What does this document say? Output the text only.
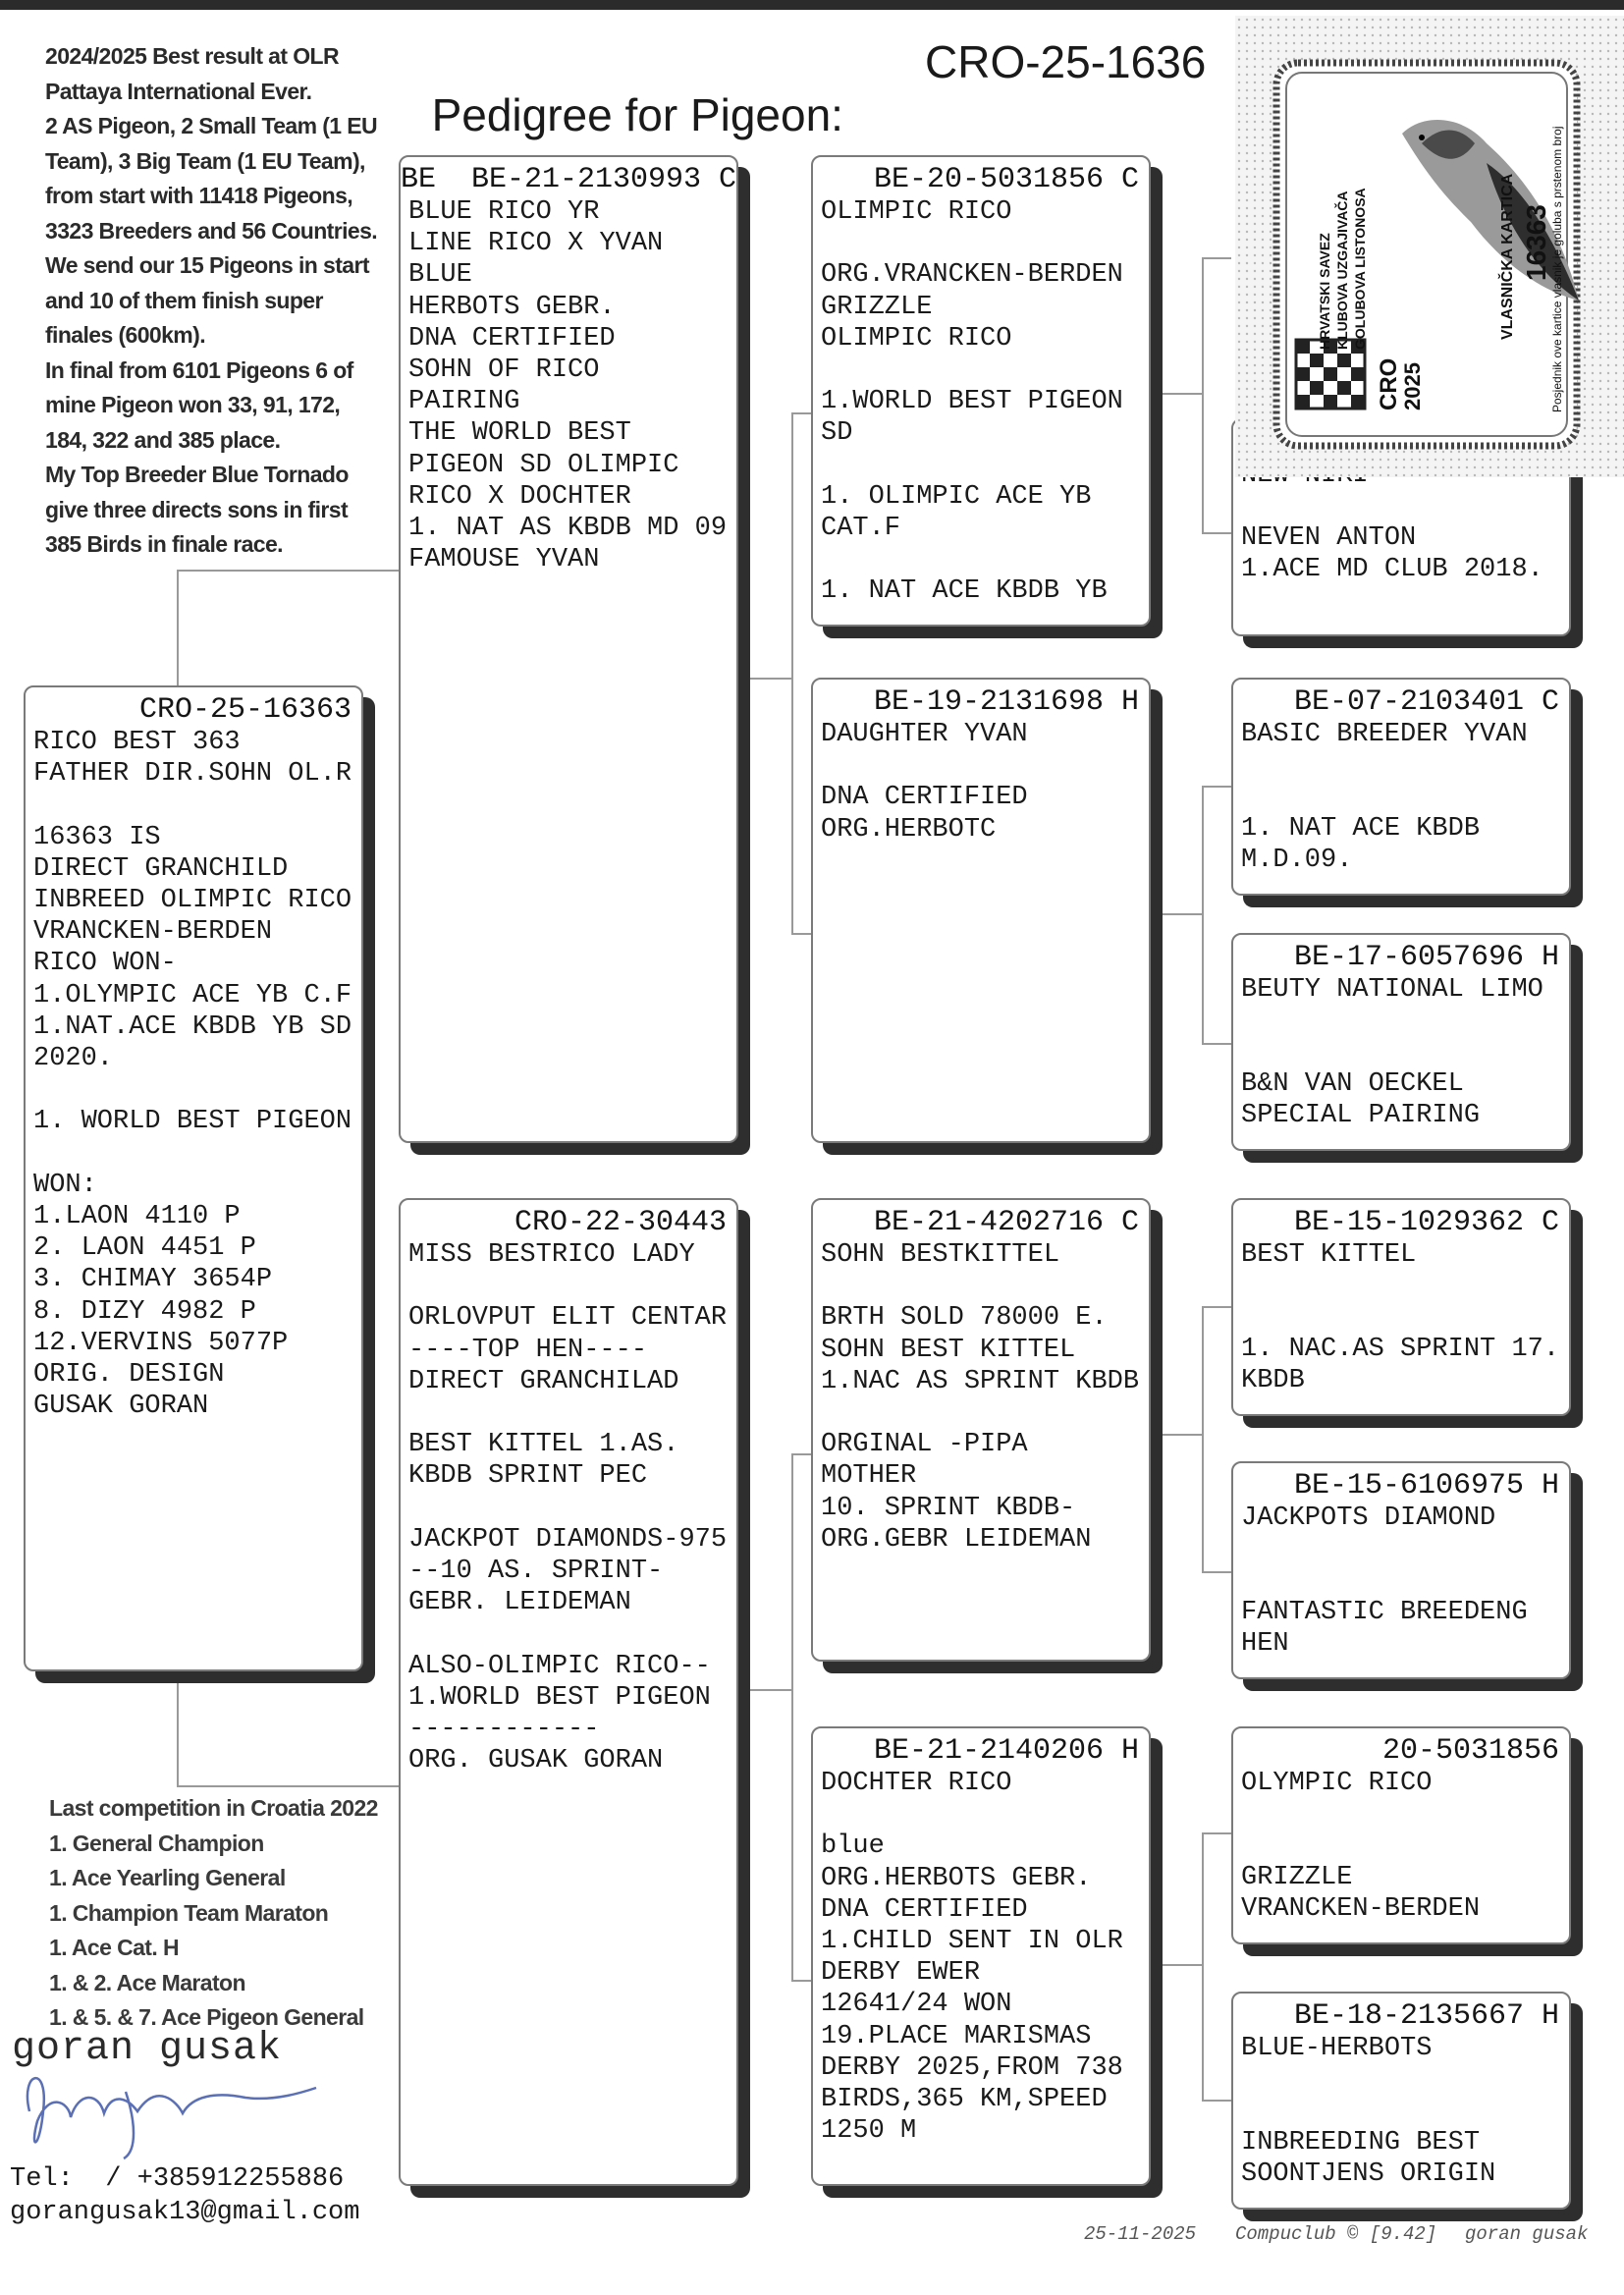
Pedigree for Pigeon:

CRO-25-1636

2024/2025 Best result at OLR
Pattaya International Ever.
2 AS Pigeon, 2 Small Team (1 EU
Team), 3 Big Team (1 EU Team),
from start with 11418 Pigeons,
3323 Breeders and 56 Countries.
We send our 15 Pigeons in start
and 10 of them finish super
finales (600km).
In final from 6101 Pigeons 6 of
mine Pigeon won 33, 91, 172,
184, 322 and 385 place.
My Top Breeder Blue Tornado
give three directs sons in first
385 Birds in finale race.
CRO-25-16363
RICO BEST 363
FATHER DIR.SOHN OL.R
16363 IS
DIRECT GRANCHILD
INBREED OLIMPIC RICO
VRANCKEN-BERDEN
RICO WON-
1.OLYMPIC ACE YB C.F
1.NAT.ACE KBDB YB SD
2020.
1. WORLD BEST PIGEON
WON:
1.LAON 4110 P
2. LAON 4451 P
3. CHIMAY 3654P
8. DIZY 4982 P
12.VERVINS 5077P
ORIG. DESIGN
GUSAK GORAN
BE  BE-21-2130993 C
BLUE RICO YR
LINE RICO X YVAN
BLUE
HERBOTS GEBR.
DNA CERTIFIED
SOHN OF RICO
PAIRING
THE WORLD BEST
PIGEON SD OLIMPIC
RICO X DOCHTER
1. NAT AS KBDB MD 09
FAMOUSE YVAN
CRO-22-30443
MISS BESTRICO LADY
ORLOVPUT ELIT CENTAR
----TOP HEN----
DIRECT GRANCHILAD
BEST KITTEL 1.AS.
KBDB SPRINT PEC
JACKPOT DIAMONDS-975
--10 AS. SPRINT-
GEBR. LEIDEMAN
ALSO-OLIMPIC RICO--
1.WORLD BEST PIGEON
------------
ORG. GUSAK GORAN
BE-20-5031856 C
OLIMPIC RICO
ORG.VRANCKEN-BERDEN
GRIZZLE
OLIMPIC RICO
1.WORLD BEST PIGEON
SD
1. OLIMPIC ACE YB
CAT.F
1. NAT ACE KBDB YB
BE-19-2131698 H
DAUGHTER YVAN
DNA CERTIFIED
ORG.HERBOTC
BE-21-4202716 C
SOHN BESTKITTEL
BRTH SOLD 78000 E.
SOHN BEST KITTEL
1.NAC AS SPRINT KBDB
ORGINAL -PIPA
MOTHER
10. SPRINT KBDB-
ORG.GEBR LEIDEMAN
BE-21-2140206 H
DOCHTER RICO
blue
ORG.HERBOTS GEBR.
DNA CERTIFIED
1.CHILD SENT IN OLR
DERBY EWER
12641/24 WON
19.PLACE MARISMAS
DERBY 2025,FROM 738
BIRDS,365 KM,SPEED
1250 M
NEVEN ANTON
1.ACE MD CLUB 2018.
BE-07-2103401 C
BASIC BREEDER YVAN
1. NAT ACE KBDB
M.D.09.
BE-17-6057696 H
BEUTY NATIONAL LIMO
B&N VAN OECKEL
SPECIAL PAIRING
BE-15-1029362 C
BEST KITTEL
1. NAC.AS SPRINT 17.
KBDB
BE-15-6106975 H
JACKPOTS DIAMOND
FANTASTIC BREEDENG
HEN
20-5031856
OLYMPIC RICO
GRIZZLE
VRANCKEN-BERDEN
BE-18-2135667 H
BLUE-HERBOTS
INBREEDING BEST
SOONTJENS ORIGIN
HRVATSKI SAVEZ KLUBOVA UZGAJIVAČA GOLUBOVA LISTONOSA
CRO
2025
VLASNIČKA KARTICA	Posjednik ove kartice vlasnik je goluba s prstenom broj
16363
Last competition in Croatia 2022
1. General Champion
1. Ace Yearling General
1. Champion Team Maraton
1. Ace Cat. H
1. & 2. Ace Maraton
1. & 5. & 7. Ace Pigeon General
goran gusak
Tel:  / +385912255886
gorangusak13@gmail.com
25-11-2025 Compuclub © [9.42] goran gusak
